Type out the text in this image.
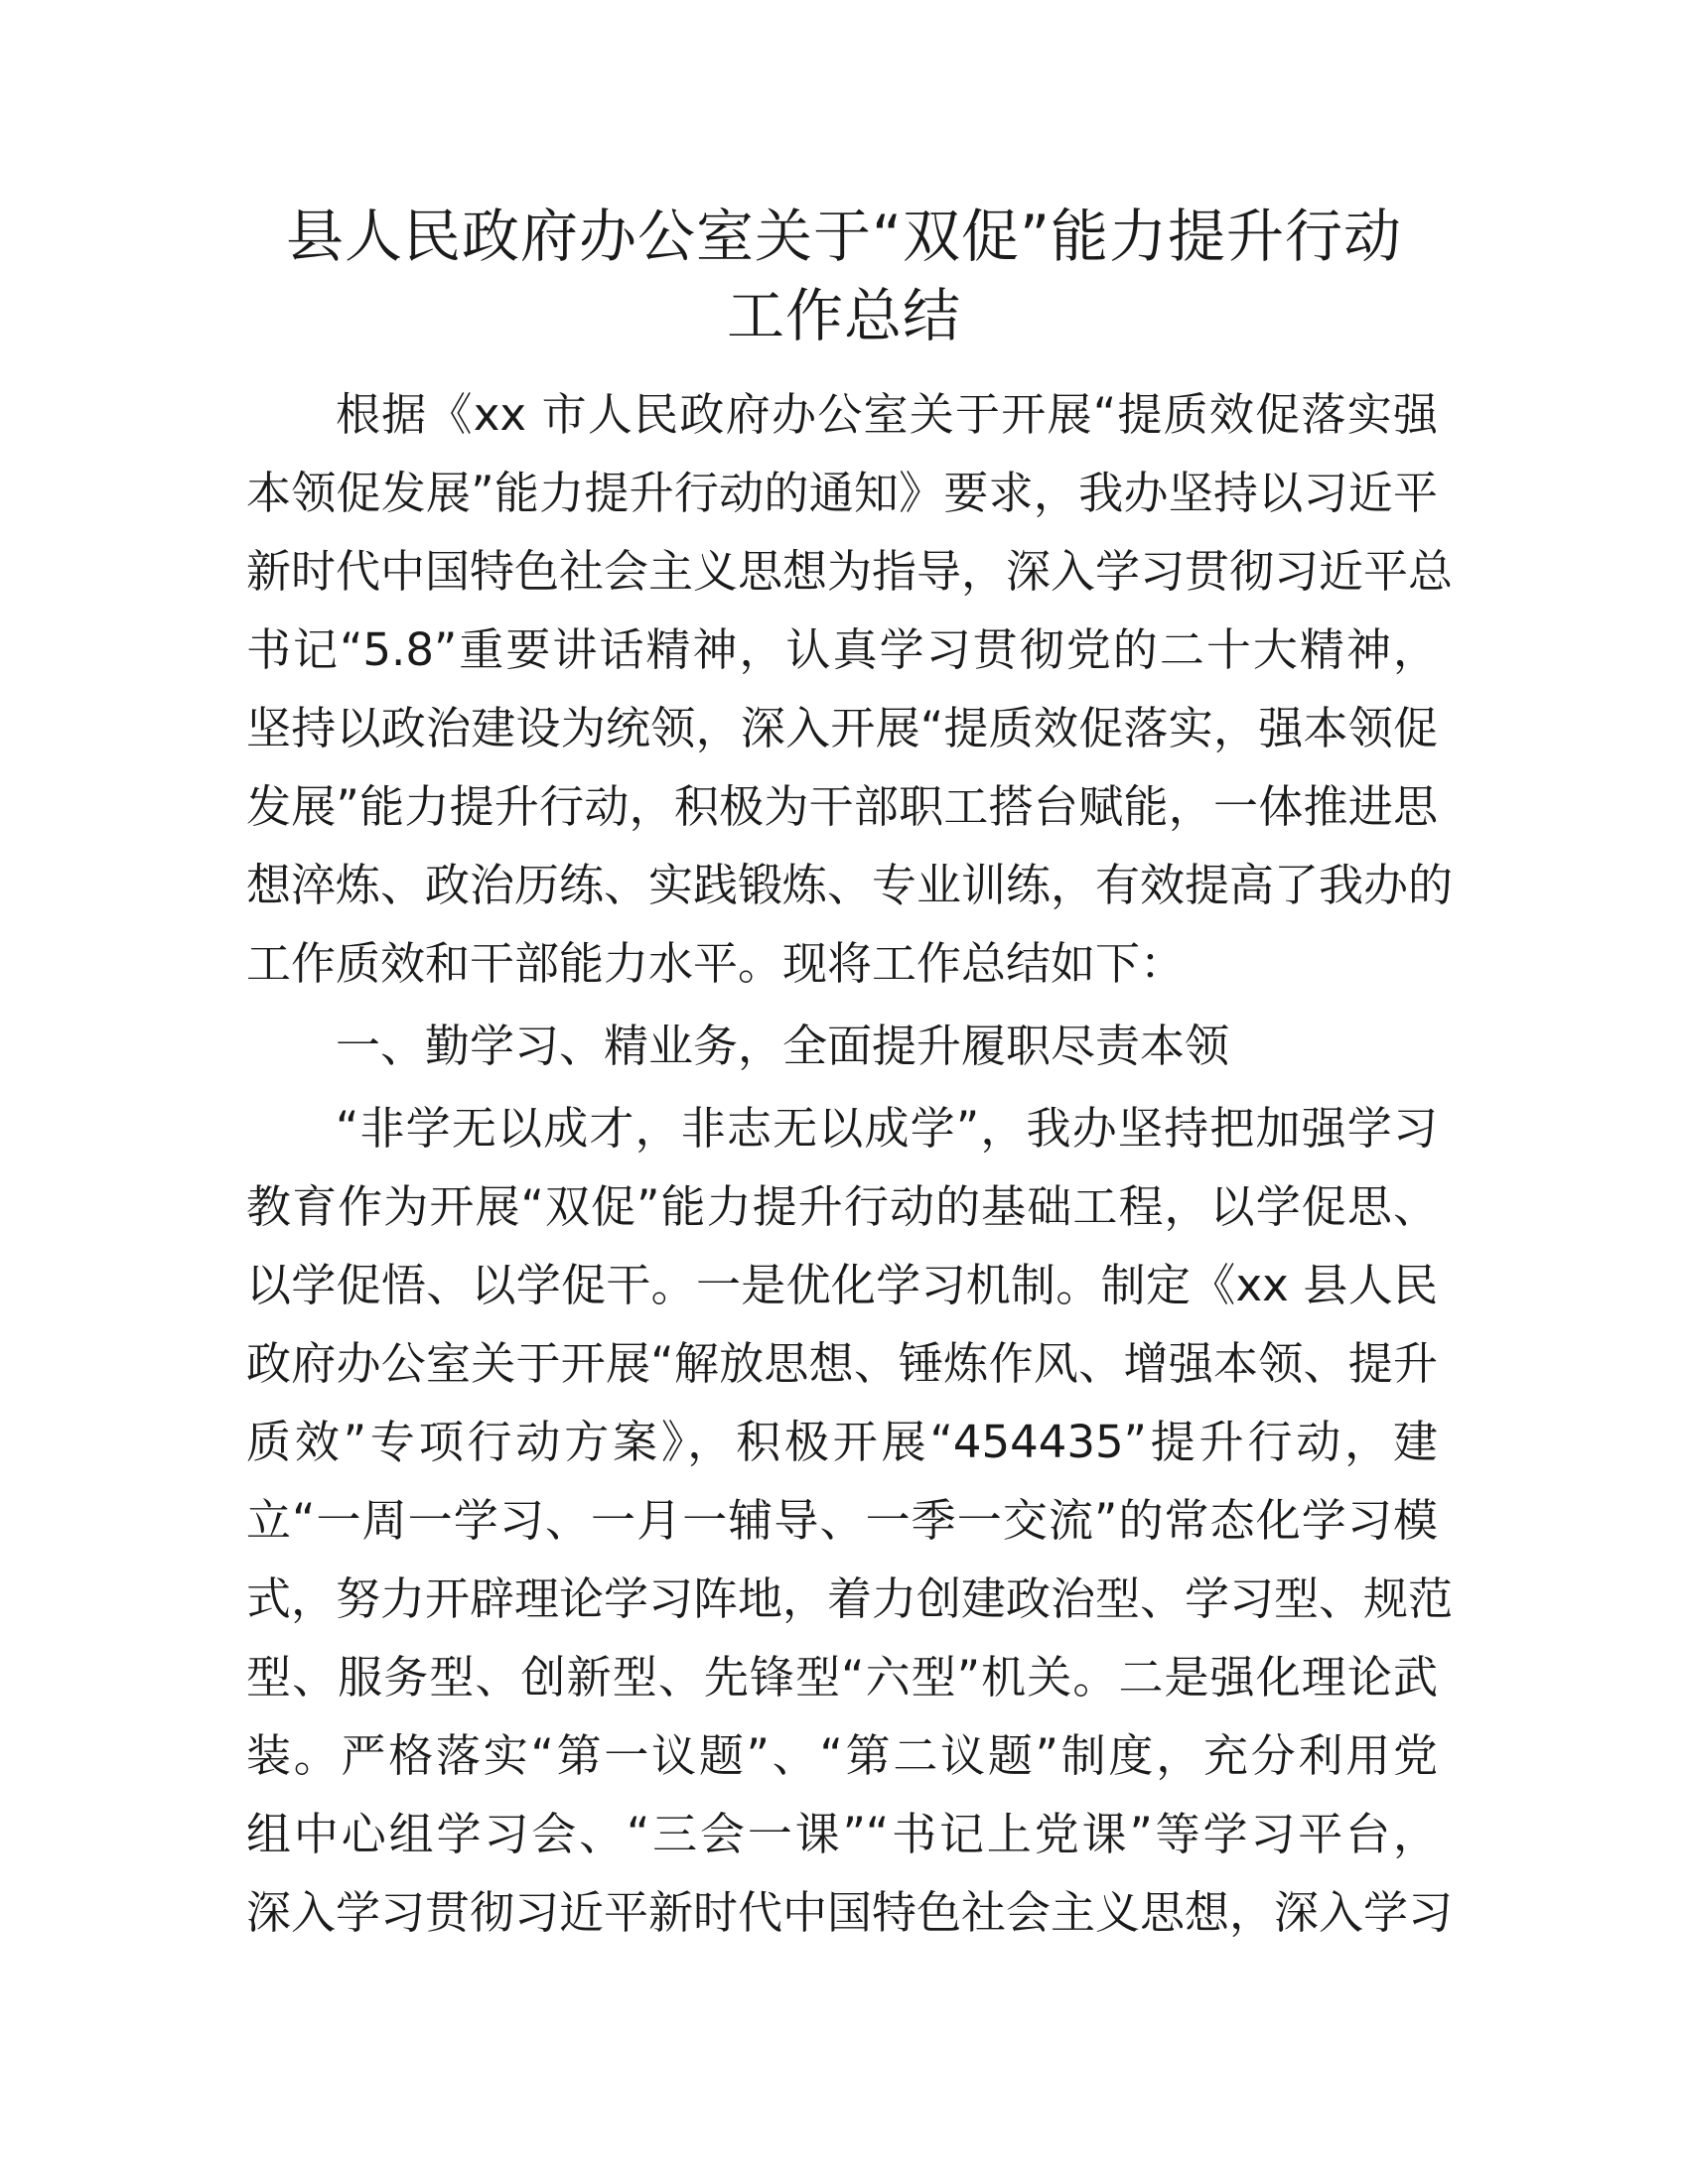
县人民政府办公室关于“双促”能力提升行动
工作总结
根据《xx 市人民政府办公室关于开展“提质效促落实强
本领促发展”能力提升行动的通知》要求，我办坚持以习近平
新时代中国特色社会主义思想为指导，深入学习贯彻习近平总
书记“5.8”重要讲话精神，认真学习贯彻党的二十大精神，
坚持以政治建设为统领，深入开展“提质效促落实，强本领促
发展”能力提升行动，积极为干部职工搭台赋能，一体推进思
想淬炼、政治历练、实践锻炼、专业训练，有效提高了我办的
工作质效和干部能力水平。现将工作总结如下：
一、勤学习、精业务，全面提升履职尽责本领
“非学无以成才，非志无以成学”，我办坚持把加强学习
教育作为开展“双促”能力提升行动的基础工程，以学促思、
以学促悟、以学促干。一是优化学习机制。制定《xx 县人民
政府办公室关于开展“解放思想、锤炼作风、增强本领、提升
质效”专项行动方案》，积极开展“454435”提升行动，建
立“一周一学习、一月一辅导、一季一交流”的常态化学习模
式，努力开辟理论学习阵地，着力创建政治型、学习型、规范
型、服务型、创新型、先锋型“六型”机关。二是强化理论武
装。严格落实“第一议题”、“第二议题”制度，充分利用党
组中心组学习会、“三会一课”“书记上党课”等学习平台，
深入学习贯彻习近平新时代中国特色社会主义思想，深入学习
